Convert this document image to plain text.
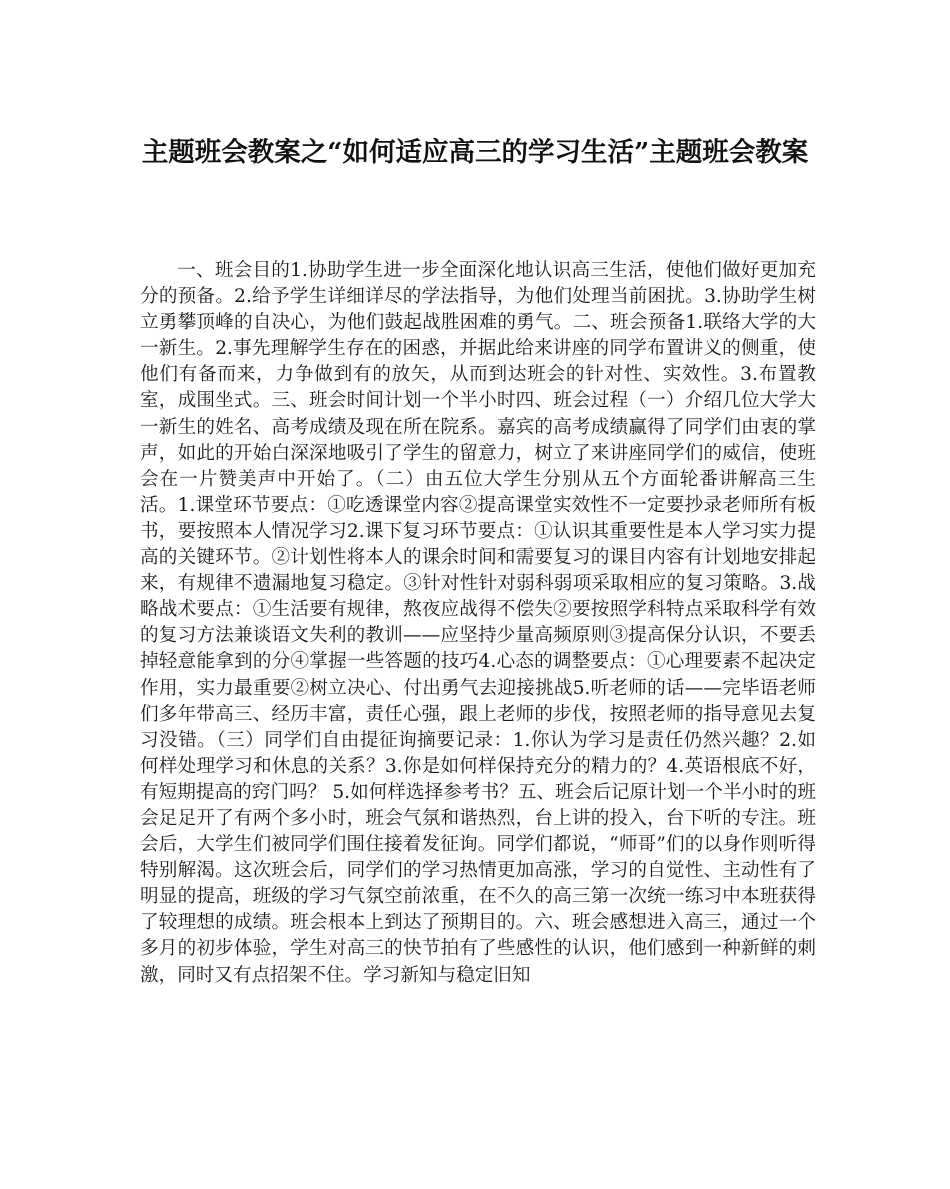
主题班会教案之“如何适应高三的学习生活”主题班会教案

一、班会目的1.协助学生进一步全面深化地认识高三生活，使他们做好更加充分的预备。2.给予学生详细详尽的学法指导，为他们处理当前困扰。3.协助学生树立勇攀顶峰的自决心，为他们鼓起战胜困难的勇气。二、班会预备1.联络大学的大一新生。2.事先理解学生存在的困惑，并据此给来讲座的同学布置讲义的侧重，使他们有备而来，力争做到有的放矢，从而到达班会的针对性、实效性。3.布置教室，成围坐式。三、班会时间计划一个半小时四、班会过程（一）介绍几位大学大一新生的姓名、高考成绩及现在所在院系。嘉宾的高考成绩赢得了同学们由衷的掌声，如此的开始白深深地吸引了学生的留意力，树立了来讲座同学们的威信，使班会在一片赞美声中开始了。（二）由五位大学生分别从五个方面轮番讲解高三生活。1.课堂环节要点：①吃透课堂内容②提高课堂实效性不一定要抄录老师所有板书，要按照本人情况学习2.课下复习环节要点：①认识其重要性是本人学习实力提高的关键环节。②计划性将本人的课余时间和需要复习的课目内容有计划地安排起来，有规律不遗漏地复习稳定。③针对性针对弱科弱项采取相应的复习策略。3.战略战术要点：①生活要有规律，熬夜应战得不偿失②要按照学科特点采取科学有效的复习方法兼谈语文失利的教训——应坚持少量高频原则③提高保分认识，不要丢掉轻意能拿到的分④掌握一些答题的技巧4.心态的调整要点：①心理要素不起决定作用，实力最重要②树立决心、付出勇气去迎接挑战5.听老师的话——完毕语老师们多年带高三、经历丰富，责任心强，跟上老师的步伐，按照老师的指导意见去复习没错。（三）同学们自由提征询摘要记录：1.你认为学习是责任仍然兴趣？2.如何样处理学习和休息的关系？3.你是如何样保持充分的精力的？4.英语根底不好，有短期提高的窍门吗？ 5.如何样选择参考书？五、班会后记原计划一个半小时的班会足足开了有两个多小时，班会气氛和谐热烈，台上讲的投入，台下听的专注。班会后，大学生们被同学们围住接着发征询。同学们都说，“师哥”们的以身作则听得特别解渴。这次班会后，同学们的学习热情更加高涨，学习的自觉性、主动性有了明显的提高，班级的学习气氛空前浓重，在不久的高三第一次统一练习中本班获得了较理想的成绩。班会根本上到达了预期目的。六、班会感想进入高三，通过一个多月的初步体验，学生对高三的快节拍有了些感性的认识，他们感到一种新鲜的刺激，同时又有点招架不住。学习新知与稳定旧知
